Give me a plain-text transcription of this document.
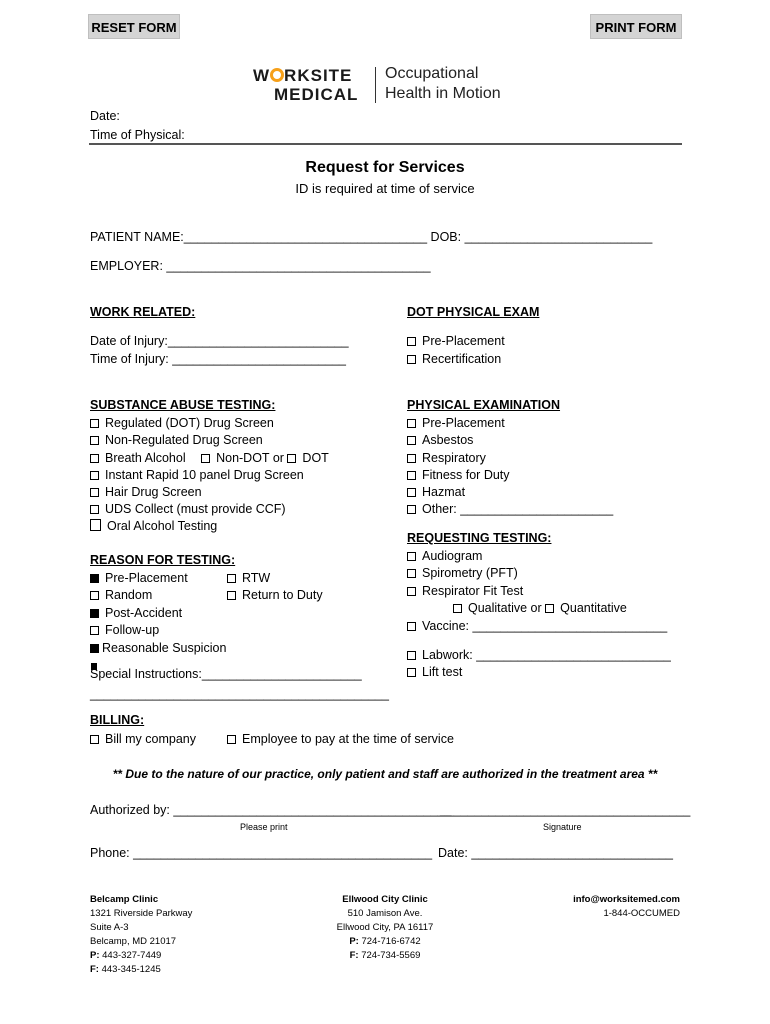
RESET FORM	PRINT FORM
W RKSITE
MEDICAL
Occupational
Health in Motion
Date:
Time of Physical:
Request for Services
ID is required at time of service
PATIENT NAME:___________________________________ DOB: ___________________________
EMPLOYER: ______________________________________
WORK RELATED:
Date of Injury:__________________________
Time of Injury: _________________________
DOT PHYSICAL EXAM
Pre-Placement
Recertification
SUBSTANCE ABUSE TESTING:
Regulated (DOT) Drug Screen
Non-Regulated Drug Screen
Breath Alcohol Non-DOT or DOT
Instant Rapid 10 panel Drug Screen
Hair Drug Screen
UDS Collect (must provide CCF)
Oral Alcohol Testing
PHYSICAL EXAMINATION
Pre-Placement
Asbestos
Respiratory
Fitness for Duty
Hazmat
Other: ______________________
REQUESTING TESTING:
Audiogram
Spirometry (PFT)
Respirator Fit Test
Qualitative or Quantitative
Vaccine: ____________________________
Labwork: ____________________________
Lift test
REASON FOR TESTING:
Pre-Placement
Random
Post-Accident
Follow-up
Reasonable Suspicion
RTW
Return to Duty
Special Instructions:_______________________
___________________________________________
BILLING:
Bill my company	Employee to pay at the time of service
** Due to the nature of our practice, only patient and staff are authorized in the treatment area **
Authorized by: ________________________________________
____________________________________
Please print	Signature
Phone: ___________________________________________ Date: _____________________________
Belcamp Clinic
1321 Riverside Parkway
Suite A-3
Belcamp, MD 21017
P: 443-327-7449
F: 443-345-1245
Ellwood City Clinic
510 Jamison Ave.
Ellwood City, PA 16117
P: 724-716-6742
F: 724-734-5569
info@worksitemed.com
1-844-OCCUMED
